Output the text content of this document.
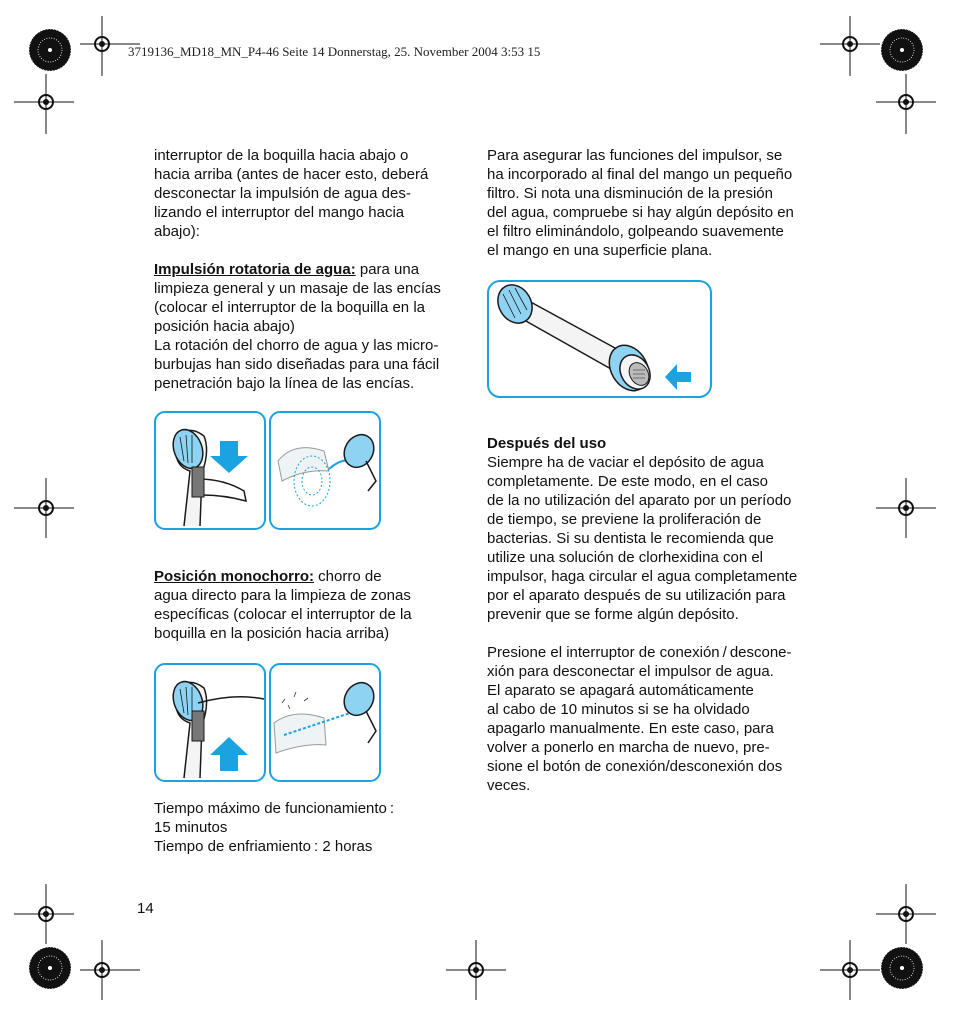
3719136_MD18_MN_P4-46 Seite 14 Donnerstag, 25. November 2004 3:53 15

interruptor de la boquilla hacia abajo o

hacia arriba (antes de hacer esto, deberá

desconectar la impulsión de agua des-

lizando el interruptor del mango hacia

abajo):

Impulsión rotatoria de agua: para una

limpieza general y un masaje de las encías

(colocar el interruptor de la boquilla en la

posición hacia abajo)

La rotación del chorro de agua y las micro-

burbujas han sido diseñadas para una fácil

penetración bajo la línea de las encías.

Posición monochorro: chorro de

agua directo para la limpieza de zonas

específicas (colocar el interruptor de la

boquilla en la posición hacia arriba)

Tiempo máximo de funcionamiento :

15 minutos

Tiempo de enfriamiento : 2 horas

Para asegurar las funciones del impulsor, se

ha incorporado al final del mango un pequeño

filtro. Si nota una disminución de la presión

del agua, compruebe si hay algún depósito en

el filtro eliminándolo, golpeando suavemente

el mango en una superficie plana.

Después del uso

Siempre ha de vaciar el depósito de agua

completamente. De este modo, en el caso

de la no utilización del aparato por un período

de tiempo, se previene la proliferación de

bacterias. Si su dentista le recomienda que

utilize una solución de clorhexidina con el

impulsor, haga circular el agua completamente

por el aparato después de su utilización para

prevenir que se forme algún depósito.

Presione el interruptor de conexión / descone-

xión para desconectar el impulsor de agua.

El aparato se apagará automáticamente

al cabo de 10 minutos si se ha olvidado

apagarlo manualmente. En este caso, para

volver a ponerlo en marcha de nuevo, pre-

sione el botón de conexión/desconexión dos

veces.

14
